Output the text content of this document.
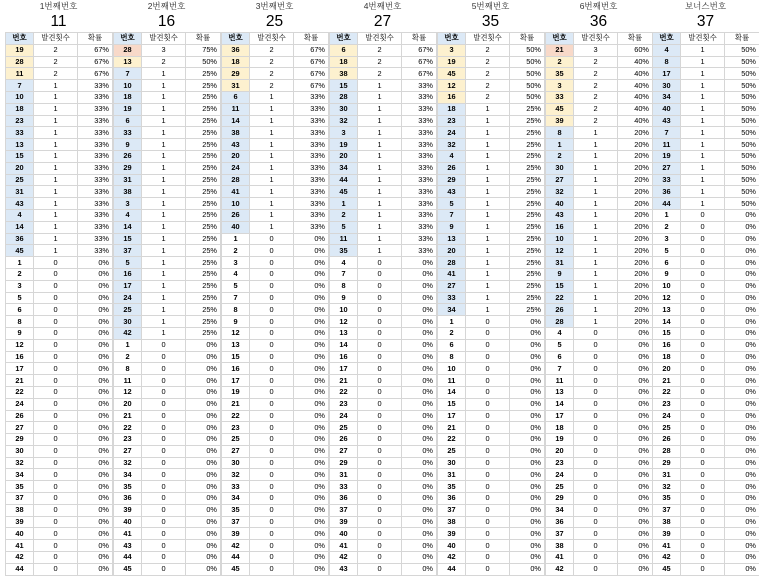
1번째번호
11
번호	발견횟수	확률
19	2	67%
28	2	67%
11	2	67%
7	1	33%
10	1	33%
18	1	33%
23	1	33%
33	1	33%
13	1	33%
15	1	33%
20	1	33%
25	1	33%
31	1	33%
43	1	33%
4	1	33%
14	1	33%
36	1	33%
45	1	33%
1	0	0%
2	0	0%
3	0	0%
5	0	0%
6	0	0%
8	0	0%
9	0	0%
12	0	0%
16	0	0%
17	0	0%
21	0	0%
22	0	0%
24	0	0%
26	0	0%
27	0	0%
29	0	0%
30	0	0%
32	0	0%
34	0	0%
35	0	0%
37	0	0%
38	0	0%
39	0	0%
40	0	0%
41	0	0%
42	0	0%
44	0	0%
2번째번호
16
번호	발견횟수	확률
28	3	75%
13	2	50%
7	1	25%
10	1	25%
18	1	25%
19	1	25%
6	1	25%
33	1	25%
9	1	25%
26	1	25%
29	1	25%
31	1	25%
38	1	25%
3	1	25%
4	1	25%
14	1	25%
15	1	25%
37	1	25%
5	1	25%
16	1	25%
17	1	25%
24	1	25%
25	1	25%
30	1	25%
42	1	25%
1	0	0%
2	0	0%
8	0	0%
11	0	0%
12	0	0%
20	0	0%
21	0	0%
22	0	0%
23	0	0%
27	0	0%
32	0	0%
34	0	0%
35	0	0%
36	0	0%
39	0	0%
40	0	0%
41	0	0%
43	0	0%
44	0	0%
45	0	0%
3번째번호
25
번호	발견횟수	확률
36	2	67%
18	2	67%
29	2	67%
31	2	67%
6	1	33%
11	1	33%
14	1	33%
38	1	33%
43	1	33%
20	1	33%
24	1	33%
28	1	33%
41	1	33%
10	1	33%
26	1	33%
40	1	33%
1	0	0%
2	0	0%
3	0	0%
4	0	0%
5	0	0%
7	0	0%
8	0	0%
9	0	0%
12	0	0%
13	0	0%
15	0	0%
16	0	0%
17	0	0%
19	0	0%
21	0	0%
22	0	0%
23	0	0%
25	0	0%
27	0	0%
30	0	0%
32	0	0%
33	0	0%
34	0	0%
35	0	0%
37	0	0%
39	0	0%
42	0	0%
44	0	0%
45	0	0%
4번째번호
27
번호	발견횟수	확률
6	2	67%
18	2	67%
38	2	67%
15	1	33%
28	1	33%
30	1	33%
32	1	33%
3	1	33%
19	1	33%
20	1	33%
34	1	33%
44	1	33%
45	1	33%
1	1	33%
2	1	33%
5	1	33%
11	1	33%
35	1	33%
4	0	0%
7	0	0%
8	0	0%
9	0	0%
10	0	0%
12	0	0%
13	0	0%
14	0	0%
16	0	0%
17	0	0%
21	0	0%
22	0	0%
23	0	0%
24	0	0%
25	0	0%
26	0	0%
27	0	0%
29	0	0%
31	0	0%
33	0	0%
36	0	0%
37	0	0%
39	0	0%
40	0	0%
41	0	0%
42	0	0%
43	0	0%
5번째번호
35
번호	발견횟수	확률
3	2	50%
19	2	50%
45	2	50%
12	2	50%
16	2	50%
18	1	25%
23	1	25%
24	1	25%
32	1	25%
4	1	25%
26	1	25%
29	1	25%
43	1	25%
5	1	25%
7	1	25%
9	1	25%
13	1	25%
20	1	25%
28	1	25%
41	1	25%
27	1	25%
33	1	25%
34	1	25%
1	0	0%
2	0	0%
6	0	0%
8	0	0%
10	0	0%
11	0	0%
14	0	0%
15	0	0%
17	0	0%
21	0	0%
22	0	0%
25	0	0%
30	0	0%
31	0	0%
35	0	0%
36	0	0%
37	0	0%
38	0	0%
39	0	0%
40	0	0%
42	0	0%
44	0	0%
6번째번호
36
번호	발견횟수	확률
21	3	60%
2	2	40%
35	2	40%
3	2	40%
33	2	40%
45	2	40%
39	2	40%
8	1	20%
1	1	20%
2	1	20%
30	1	20%
27	1	20%
32	1	20%
40	1	20%
43	1	20%
16	1	20%
10	1	20%
12	1	20%
31	1	20%
9	1	20%
15	1	20%
22	1	20%
26	1	20%
28	1	20%
4	0	0%
5	0	0%
6	0	0%
7	0	0%
11	0	0%
13	0	0%
14	0	0%
17	0	0%
18	0	0%
19	0	0%
20	0	0%
23	0	0%
24	0	0%
25	0	0%
29	0	0%
34	0	0%
36	0	0%
37	0	0%
38	0	0%
41	0	0%
42	0	0%
보너스번호
37
번호	발견횟수	확률
4	1	50%
8	1	50%
17	1	50%
30	1	50%
34	1	50%
40	1	50%
43	1	50%
7	1	50%
11	1	50%
19	1	50%
27	1	50%
33	1	50%
36	1	50%
44	1	50%
1	0	0%
2	0	0%
3	0	0%
5	0	0%
6	0	0%
9	0	0%
10	0	0%
12	0	0%
13	0	0%
14	0	0%
15	0	0%
16	0	0%
18	0	0%
20	0	0%
21	0	0%
22	0	0%
23	0	0%
24	0	0%
25	0	0%
26	0	0%
28	0	0%
29	0	0%
31	0	0%
32	0	0%
35	0	0%
37	0	0%
38	0	0%
39	0	0%
41	0	0%
42	0	0%
45	0	0%
